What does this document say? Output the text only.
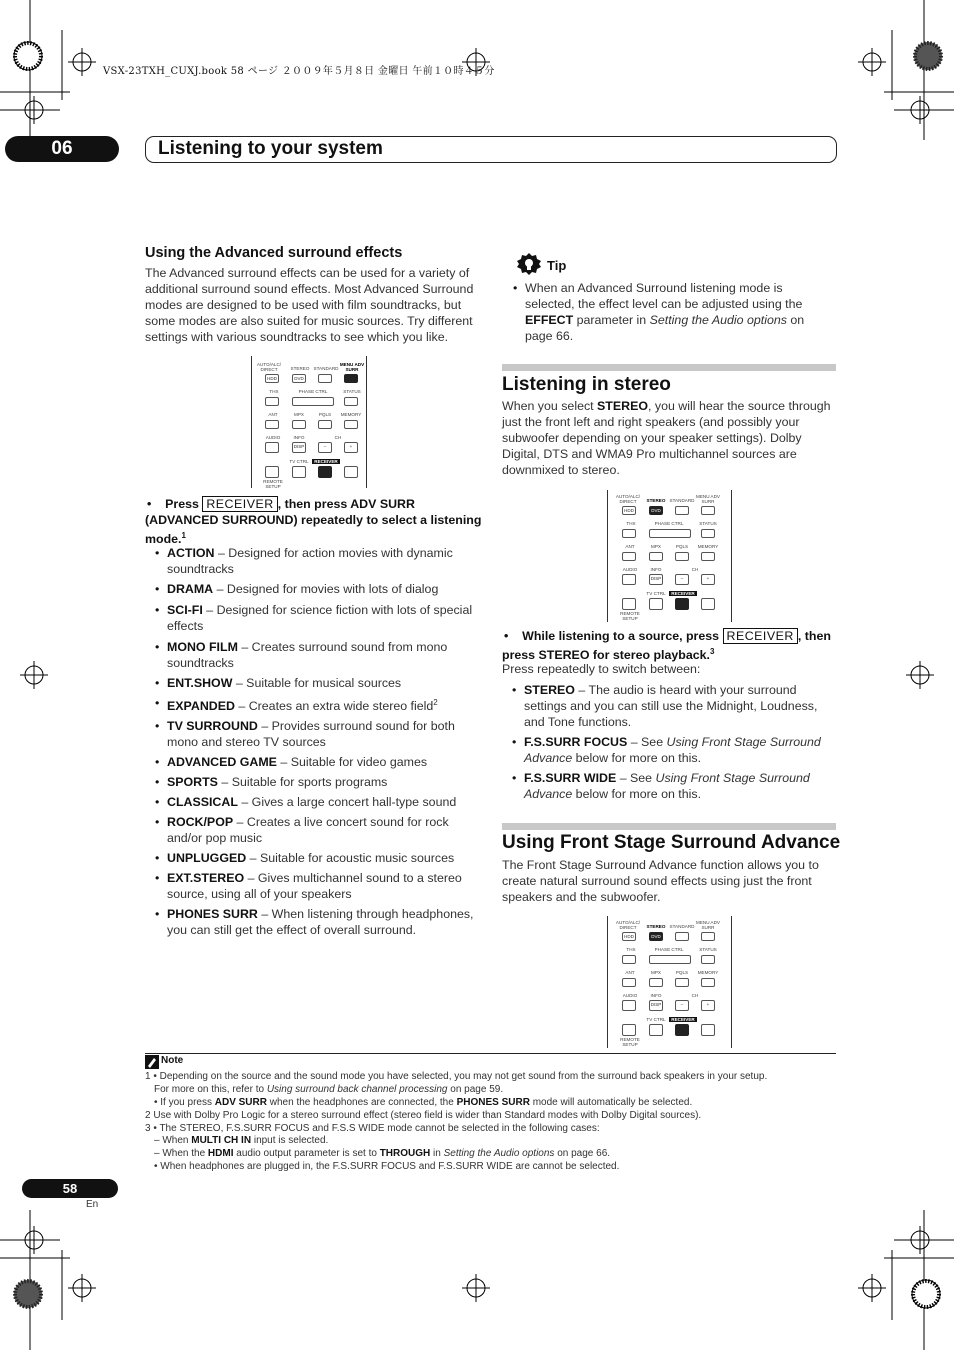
VSX-23TXH_CUXJ.book 58 ページ ２００９年５月８日 金曜日 午前１０時４５分
06	Listening to your system
Using the Advanced surround effects
The Advanced surround effects can be used for a variety of additional surround sound effects. Most Advanced Surround modes are designed to be used with film soundtracks, but some modes are also suited for music sources. Try different settings with various soundtracks to see which you like.
AUTO/ALC/ DIRECT	STEREO STANDARD
MENU ADV SURR
HDD	DVD
THX	PHASE CTRL	STATUS
ANT	MPX	PQLS	MEMORY
AUDIO	INFO	CH
DISP	–	+
TV CTRL	RECEIVER
REMOTE SETUP
• Press RECEIVER , then press ADV SURR (ADVANCED SURROUND) repeatedly to select a listening mode.$^1$
• ACTION – Designed for action movies with dynamic soundtracks
• DRAMA – Designed for movies with lots of dialog
• SCI-FI – Designed for science fiction with lots of special effects
• MONO FILM – Creates surround sound from mono soundtracks
• ENT.SHOW – Suitable for musical sources
• EXPANDED – Creates an extra wide stereo field$^2$
• TV SURROUND – Provides surround sound for both mono and stereo TV sources
• ADVANCED GAME – Suitable for video games
• SPORTS – Suitable for sports programs
• CLASSICAL – Gives a large concert hall-type sound
• ROCK/POP – Creates a live concert sound for rock and/or pop music
• UNPLUGGED – Suitable for acoustic music sources
• EXT.STEREO – Gives multichannel sound to a stereo source, using all of your speakers
• PHONES SURR – When listening through headphones, you can still get the effect of overall surround.
Tip
• When an Advanced Surround listening mode is selected, the effect level can be adjusted using the EFFECT parameter in Setting the Audio options on page 66.
Listening in stereo
When you select STEREO, you will hear the source through just the front left and right speakers (and possibly your subwoofer depending on your speaker settings). Dolby Digital, DTS and WMA9 Pro multichannel sources are downmixed to stereo.
AUTO/ALC/ DIRECT	STEREO STANDARD
MENU ADV SURR
HDD	DVD
THX	PHASE CTRL	STATUS
ANT	MPX	PQLS	MEMORY
AUDIO	INFO	CH
DISP	–	+
TV CTRL	RECEIVER
REMOTE SETUP
• While listening to a source, press RECEIVER , then press STEREO for stereo playback.$^3$
Press repeatedly to switch between:
• STEREO – The audio is heard with your surround settings and you can still use the Midnight, Loudness, and Tone functions.
• F.S.SURR FOCUS – See Using Front Stage Surround Advance below for more on this.
• F.S.SURR WIDE – See Using Front Stage Surround Advance below for more on this.
Using Front Stage Surround Advance
The Front Stage Surround Advance function allows you to create natural surround sound effects using just the front speakers and the subwoofer.
AUTO/ALC/ DIRECT	STEREO STANDARD
MENU ADV SURR
HDD	DVD
THX	PHASE CTRL	STATUS
ANT	MPX	PQLS	MEMORY
AUDIO	INFO	CH
DISP	–	+
TV CTRL	RECEIVER
REMOTE SETUP
Note
1 • Depending on the source and the sound mode you have selected, you may not get sound from the surround back speakers in your setup.
For more on this, refer to Using surround back channel processing on page 59.
• If you press ADV SURR when the headphones are connected, the PHONES SURR mode will automatically be selected.
2 Use with Dolby Pro Logic for a stereo surround effect (stereo field is wider than Standard modes with Dolby Digital sources).
3 • The STEREO, F.S.SURR FOCUS and F.S.S WIDE mode cannot be selected in the following cases:
– When MULTI CH IN input is selected.
– When the HDMI audio output parameter is set to THROUGH in Setting the Audio options on page 66.
• When headphones are plugged in, the F.S.SURR FOCUS and F.S.SURR WIDE are cannot be selected.
58
En
